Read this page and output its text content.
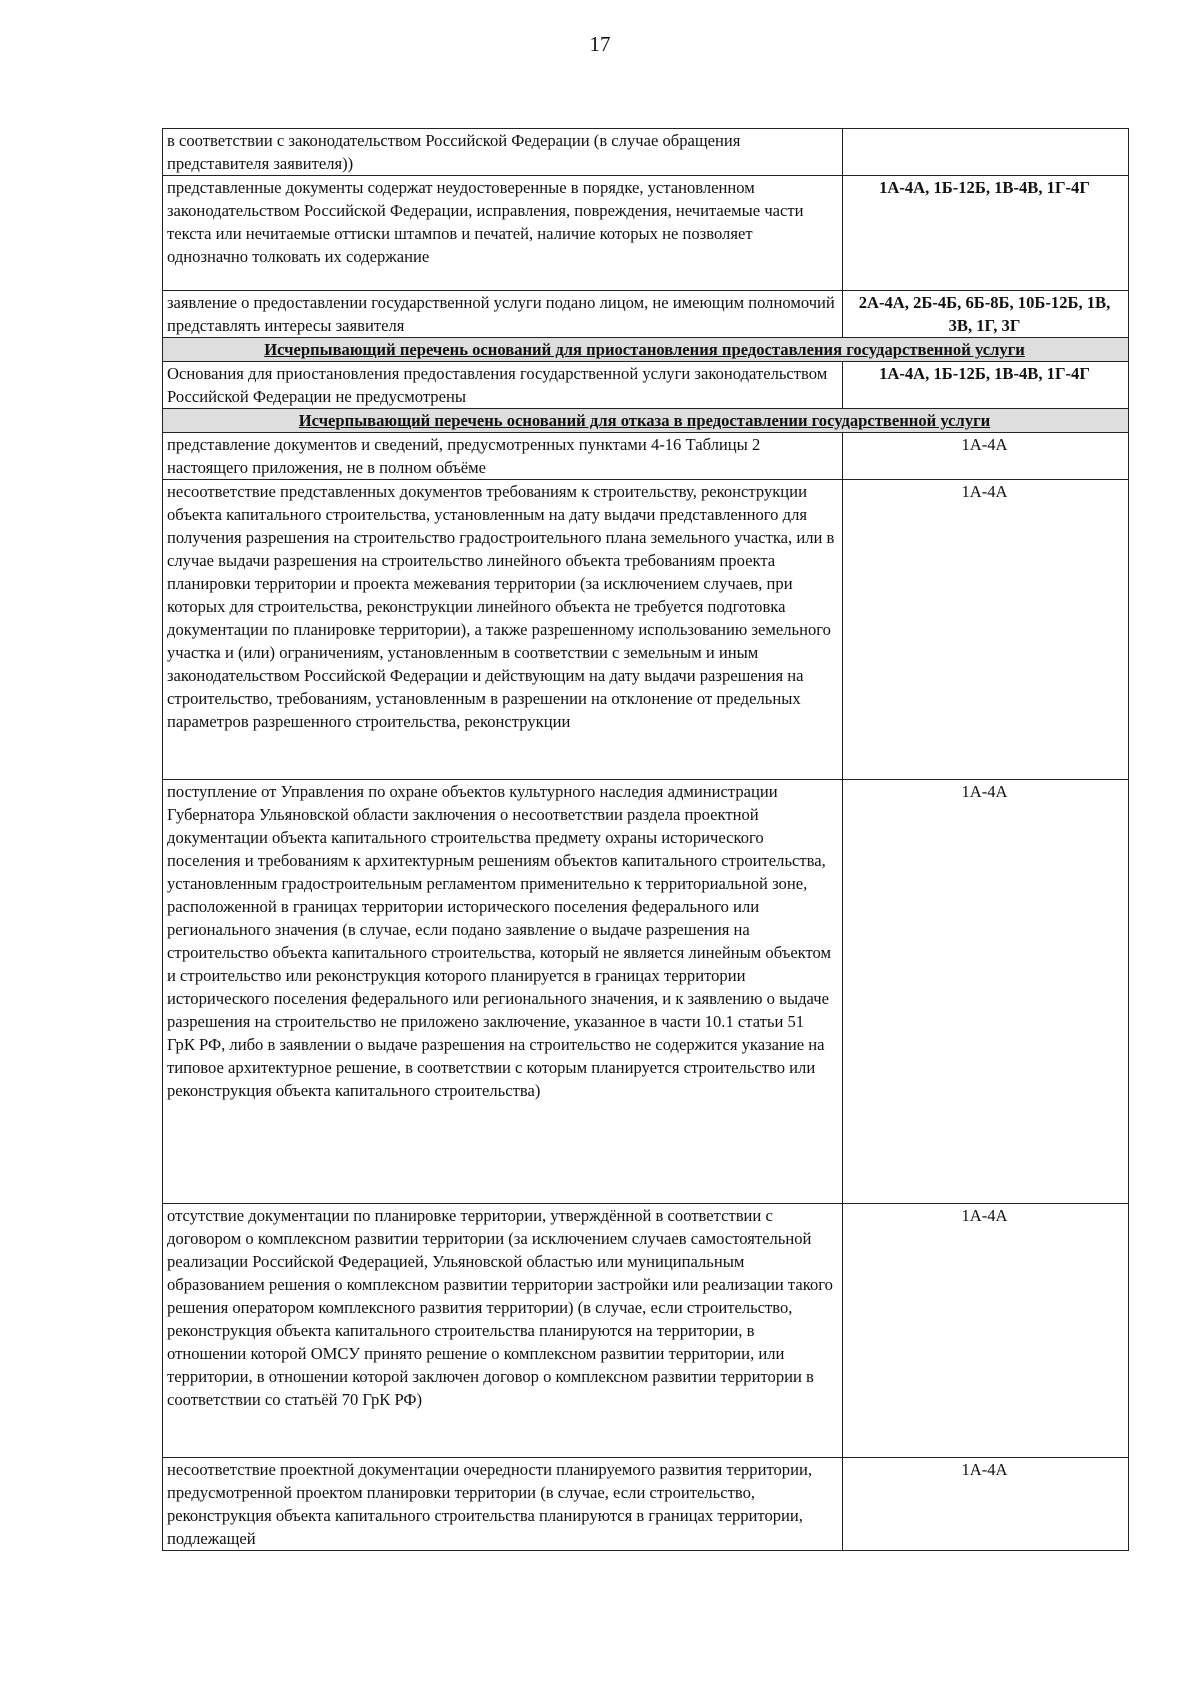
17
в соответствии с законодательством Российской Федерации (в случае обращения представителя заявителя))	
представленные документы содержат неудостоверенные в порядке, установленном законодательством Российской Федерации, исправления, повреждения, нечитаемые части текста или нечитаемые оттиски штампов и печатей, наличие которых не позволяет однозначно толковать их содержание	1А-4А, 1Б-12Б, 1В-4В, 1Г-4Г
заявление о предоставлении государственной услуги подано лицом, не имеющим полномочий представлять интересы заявителя	2А-4А, 2Б-4Б, 6Б-8Б, 10Б-12Б, 1В, 3В, 1Г, 3Г
Исчерпывающий перечень оснований для приостановления предоставления государственной услуги	
Основания для приостановления предоставления государственной услуги законодательством Российской Федерации не предусмотрены	1А-4А, 1Б-12Б, 1В-4В, 1Г-4Г
Исчерпывающий перечень оснований для отказа в предоставлении государственной услуги	
представление документов и сведений, предусмотренных пунктами 4-16 Таблицы 2 настоящего приложения, не в полном объёме	1А-4А
несоответствие представленных документов требованиям к строительству, реконструкции объекта капитального строительства, установленным на дату выдачи представленного для получения разрешения на строительство градостроительного плана земельного участка, или в случае выдачи разрешения на строительство линейного объекта требованиям проекта планировки территории и проекта межевания территории (за исключением случаев, при которых для строительства, реконструкции линейного объекта не требуется подготовка документации по планировке территории), а также разрешенному использованию земельного участка и (или) ограничениям, установленным в соответствии с земельным и иным законодательством Российской Федерации и действующим на дату выдачи разрешения на строительство, требованиям, установленным в разрешении на отклонение от предельных параметров разрешенного строительства, реконструкции	1А-4А
поступление от Управления по охране объектов культурного наследия администрации Губернатора Ульяновской области заключения о несоответствии раздела проектной документации объекта капитального строительства предмету охраны исторического поселения и требованиям к архитектурным решениям объектов капитального строительства, установленным градостроительным регламентом применительно к территориальной зоне, расположенной в границах территории исторического поселения федерального или регионального значения (в случае, если подано заявление о выдаче разрешения на строительство объекта капитального строительства, который не является линейным объектом и строительство или реконструкция которого планируется в границах территории исторического поселения федерального или регионального значения, и к заявлению о выдаче разрешения на строительство не приложено заключение, указанное в части 10.1 статьи 51 ГрК РФ, либо в заявлении о выдаче разрешения на строительство не содержится указание на типовое архитектурное решение, в соответствии с которым планируется строительство или реконструкция объекта капитального строительства)	1А-4А
отсутствие документации по планировке территории, утверждённой в соответствии с договором о комплексном развитии территории (за исключением случаев самостоятельной реализации Российской Федерацией, Ульяновской областью или муниципальным образованием решения о комплексном развитии территории застройки или реализации такого решения оператором комплексного развития территории) (в случае, если строительство, реконструкция объекта капитального строительства планируются на территории, в отношении которой ОМСУ принято решение о комплексном развитии территории, или территории, в отношении которой заключен договор о комплексном развитии территории в соответствии со статьёй 70 ГрК РФ)	1А-4А
несоответствие проектной документации очередности планируемого развития территории, предусмотренной проектом планировки территории (в случае, если строительство, реконструкция объекта капитального строительства планируются в границах территории, подлежащей	1А-4А
